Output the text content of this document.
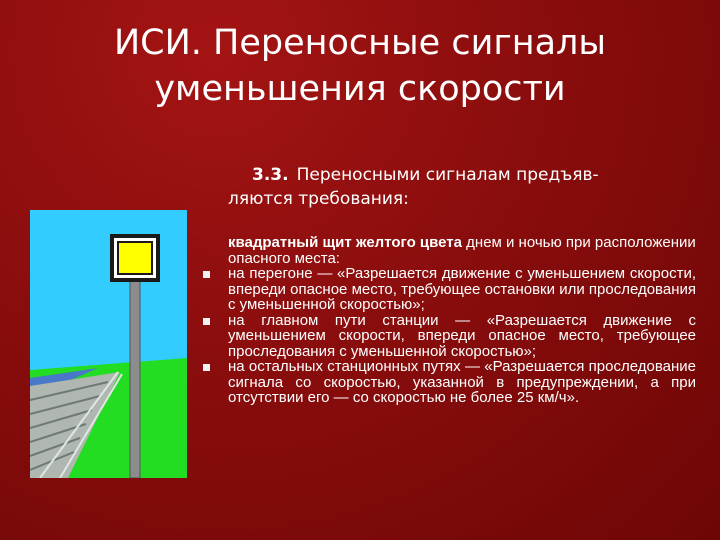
ИСИ. Переносные сигналы
уменьшения скорости
3.3. Переносными сигналам предъяв-
ляются требования:
квадратный щит желтого цвета днем и ночью при расположении опасного места:
на перегоне — «Разрешается движение с уменьшением скорости, впереди опасное место, требующее остановки или проследования с уменьшенной скоростью»;
на главном пути станции — «Разрешается движение с уменьшением скорости, впереди опасное место, требующее проследования с уменьшенной скоростью»;
на остальных станционных путях — «Разрешается проследование сигнала со скоростью, указанной в предупреждении, а при отсутствии его — со скоростью не более 25 км/ч».
